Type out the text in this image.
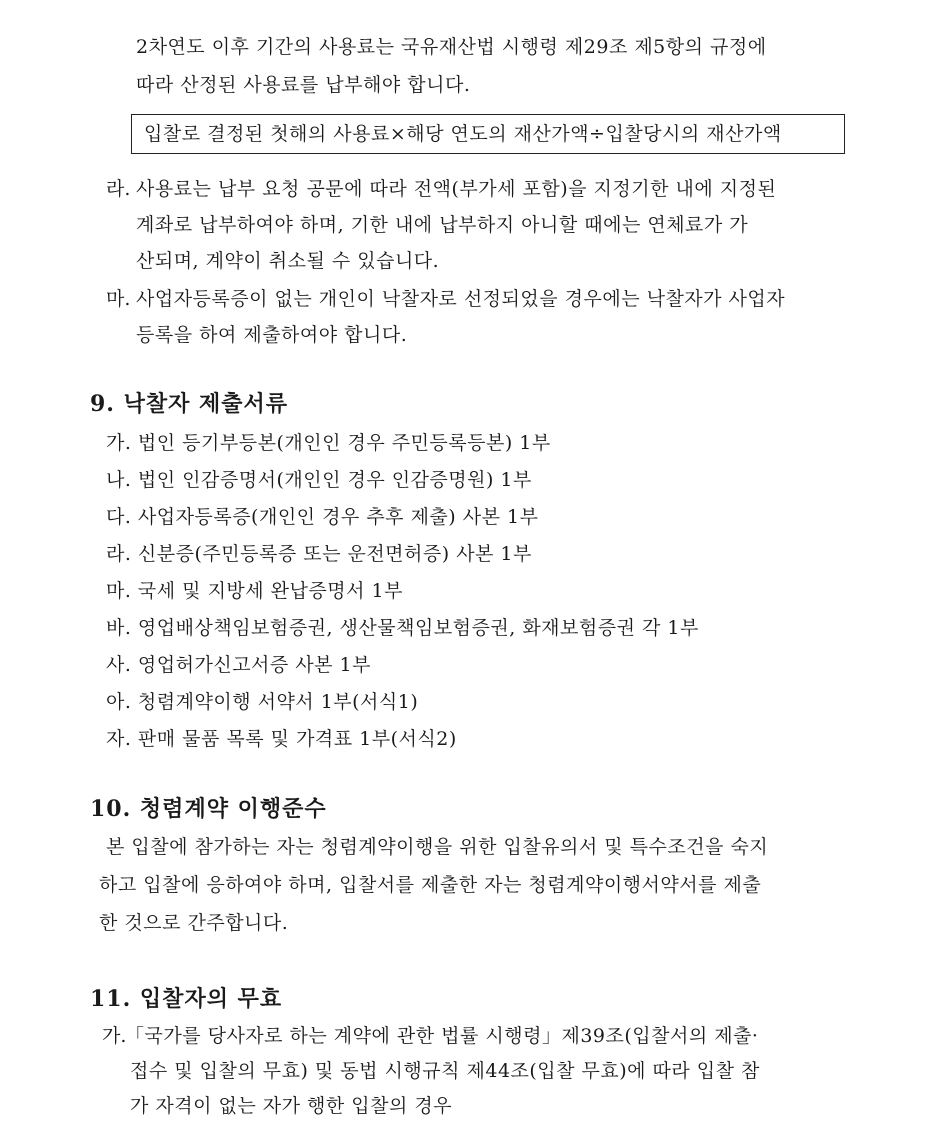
2차연도 이후 기간의 사용료는 국유재산법 시행령 제29조 제5항의 규정에
따라 산정된 사용료를 납부해야 합니다.
입찰로 결정된 첫해의 사용료×해당 연도의 재산가액÷입찰당시의 재산가액
라. 사용료는 납부 요청 공문에 따라 전액(부가세 포함)을 지정기한 내에 지정된
계좌로 납부하여야 하며, 기한 내에 납부하지 아니할 때에는 연체료가 가
산되며, 계약이 취소될 수 있습니다.
마. 사업자등록증이 없는 개인이 낙찰자로 선정되었을 경우에는 낙찰자가 사업자
등록을 하여 제출하여야 합니다.
9. 낙찰자 제출서류
가. 법인 등기부등본(개인인 경우 주민등록등본) 1부
나. 법인 인감증명서(개인인 경우 인감증명원) 1부
다. 사업자등록증(개인인 경우 추후 제출) 사본 1부
라. 신분증(주민등록증 또는 운전면허증) 사본 1부
마. 국세 및 지방세 완납증명서 1부
바. 영업배상책임보험증권, 생산물책임보험증권, 화재보험증권 각 1부
사. 영업허가신고서증 사본 1부
아. 청렴계약이행 서약서 1부(서식1)
자. 판매 물품 목록 및 가격표 1부(서식2)
10. 청렴계약 이행준수
본 입찰에 참가하는 자는 청렴계약이행을 위한 입찰유의서 및 특수조건을 숙지
하고 입찰에 응하여야 하며, 입찰서를 제출한 자는 청렴계약이행서약서를 제출
한 것으로 간주합니다.
11. 입찰자의 무효
가.
「국가를 당사자로 하는 계약에 관한 법률 시행령」제39조(입찰서의 제출·
접수 및 입찰의 무효) 및 동법 시행규칙 제44조(입찰 무효)에 따라 입찰 참
가 자격이 없는 자가 행한 입찰의 경우
